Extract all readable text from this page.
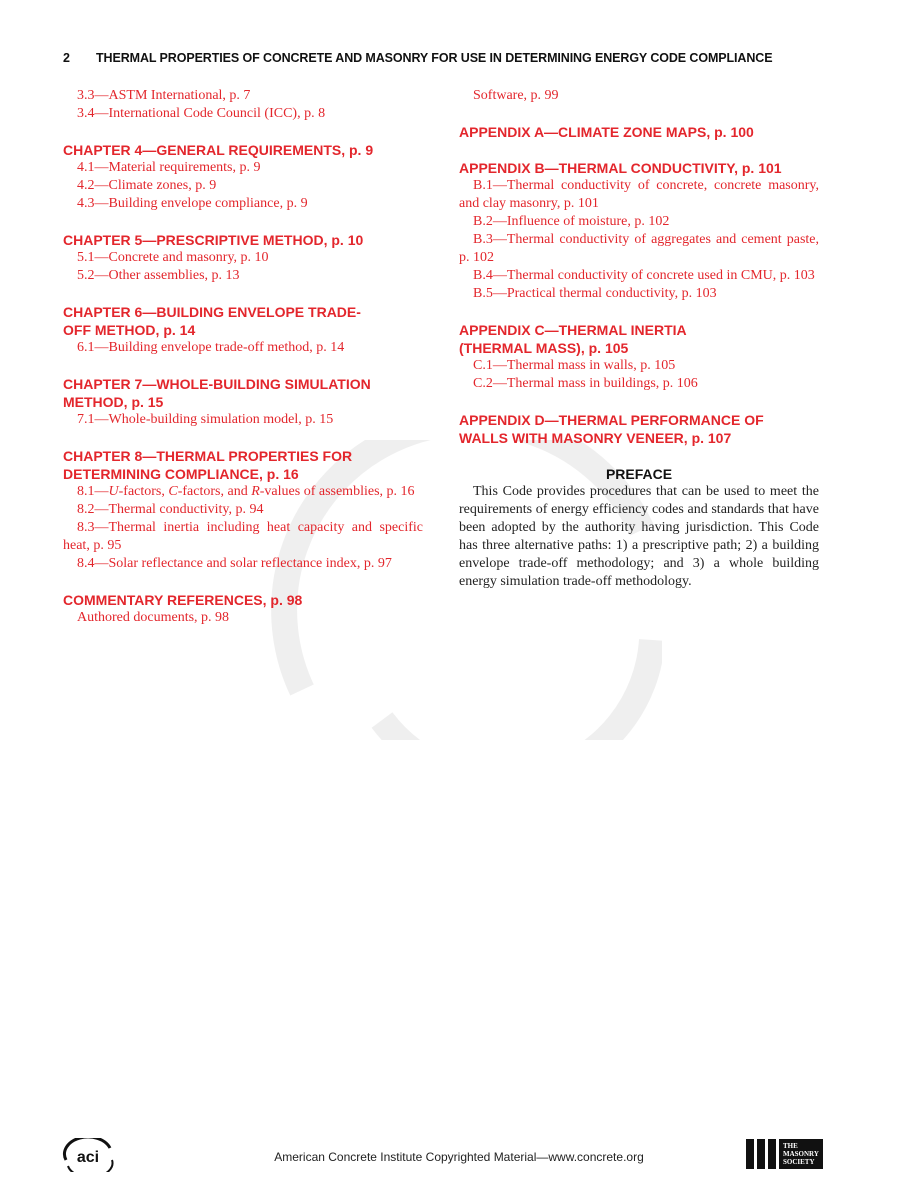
2 THERMAL PROPERTIES OF CONCRETE AND MASONRY FOR USE IN DETERMINING ENERGY CODE COMPLIANCE
3.3—ASTM International, p. 7
3.4—International Code Council (ICC), p. 8
CHAPTER 4—GENERAL REQUIREMENTS, p. 9
4.1—Material requirements, p. 9
4.2—Climate zones, p. 9
4.3—Building envelope compliance, p. 9
CHAPTER 5—PRESCRIPTIVE METHOD, p. 10
5.1—Concrete and masonry, p. 10
5.2—Other assemblies, p. 13
CHAPTER 6—BUILDING ENVELOPE TRADE-
OFF METHOD, p. 14
6.1—Building envelope trade-off method, p. 14
CHAPTER 7—WHOLE-BUILDING SIMULATION
METHOD, p. 15
7.1—Whole-building simulation model, p. 15
CHAPTER 8—THERMAL PROPERTIES FOR
DETERMINING COMPLIANCE, p. 16
8.1—U-factors, C-factors, and R-values of assemblies, p. 16
8.2—Thermal conductivity, p. 94
8.3—Thermal inertia including heat capacity and specific heat, p. 95
8.4—Solar reflectance and solar reflectance index, p. 97
COMMENTARY REFERENCES, p. 98
Authored documents, p. 98
Software, p. 99
APPENDIX A—CLIMATE ZONE MAPS, p. 100
APPENDIX B—THERMAL CONDUCTIVITY, p. 101
B.1—Thermal conductivity of concrete, concrete masonry, and clay masonry, p. 101
B.2—Influence of moisture, p. 102
B.3—Thermal conductivity of aggregates and cement paste, p. 102
B.4—Thermal conductivity of concrete used in CMU, p. 103
B.5—Practical thermal conductivity, p. 103
APPENDIX C—THERMAL INERTIA
(THERMAL MASS), p. 105
C.1—Thermal mass in walls, p. 105
C.2—Thermal mass in buildings, p. 106
APPENDIX D—THERMAL PERFORMANCE OF
WALLS WITH MASONRY VENEER, p. 107
PREFACE
This Code provides procedures that can be used to meet the requirements of energy efficiency codes and standards that have been adopted by the authority having jurisdiction. This Code has three alternative paths: 1) a prescriptive path; 2) a building envelope trade-off methodology; and 3) a whole building energy simulation trade-off methodology.
aci	American Concrete Institute Copyrighted Material—www.concrete.org
THE
MASONRY
SOCIETY
